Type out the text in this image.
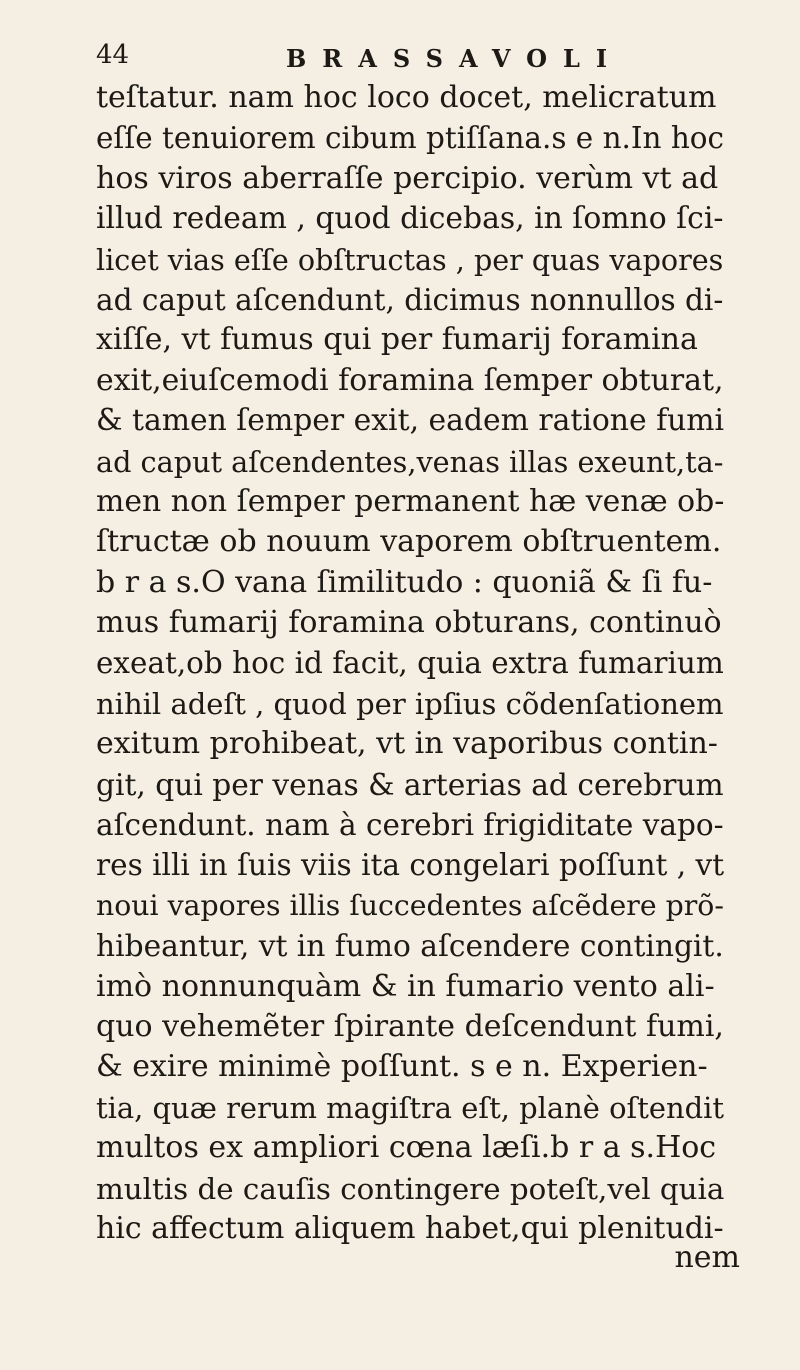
44	BRASSAVOLI
teſtatur. nam hoc loco docet, melicratum
eſſe tenuiorem cibum ptiſſana.s e n.In hoc
hos viros aberraſſe percipio. verùm vt ad
illud redeam , quod dicebas, in ſomno ſci-
licet vias eſſe obſtructas , per quas vapores
ad caput aſcendunt, dicimus nonnullos di-
xiſſe, vt fumus qui per fumarij foramina
exit,eiuſcemodi foramina ſemper obturat,
& tamen ſemper exit, eadem ratione fumi
ad caput aſcendentes,venas illas exeunt,ta-
men non ſemper permanent hæ venæ ob-
ſtructæ ob nouum vaporem obſtruentem.
b r a s.O vana ſimilitudo : quoniã & ſi fu-
mus fumarij foramina obturans, continuò
exeat,ob hoc id facit, quia extra fumarium
nihil adeſt , quod per ipſius cõdenſationem
exitum prohibeat, vt in vaporibus contin-
git, qui per venas & arterias ad cerebrum
aſcendunt. nam à cerebri frigiditate vapo-
res illi in ſuis viis ita congelari poſſunt , vt
noui vapores illis ſuccedentes aſcẽdere prõ-
hibeantur, vt in fumo aſcendere contingit.
imò nonnunquàm & in fumario vento ali-
quo vehemẽter ſpirante deſcendunt fumi,
& exire minimè poſſunt. s e n. Experien-
tia, quæ rerum magiſtra eſt, planè oſtendit
multos ex ampliori cœna læſi.b r a s.Hoc
multis de cauſis contingere poteſt,vel quia
hic affectum aliquem habet,qui plenitudi-
nem
